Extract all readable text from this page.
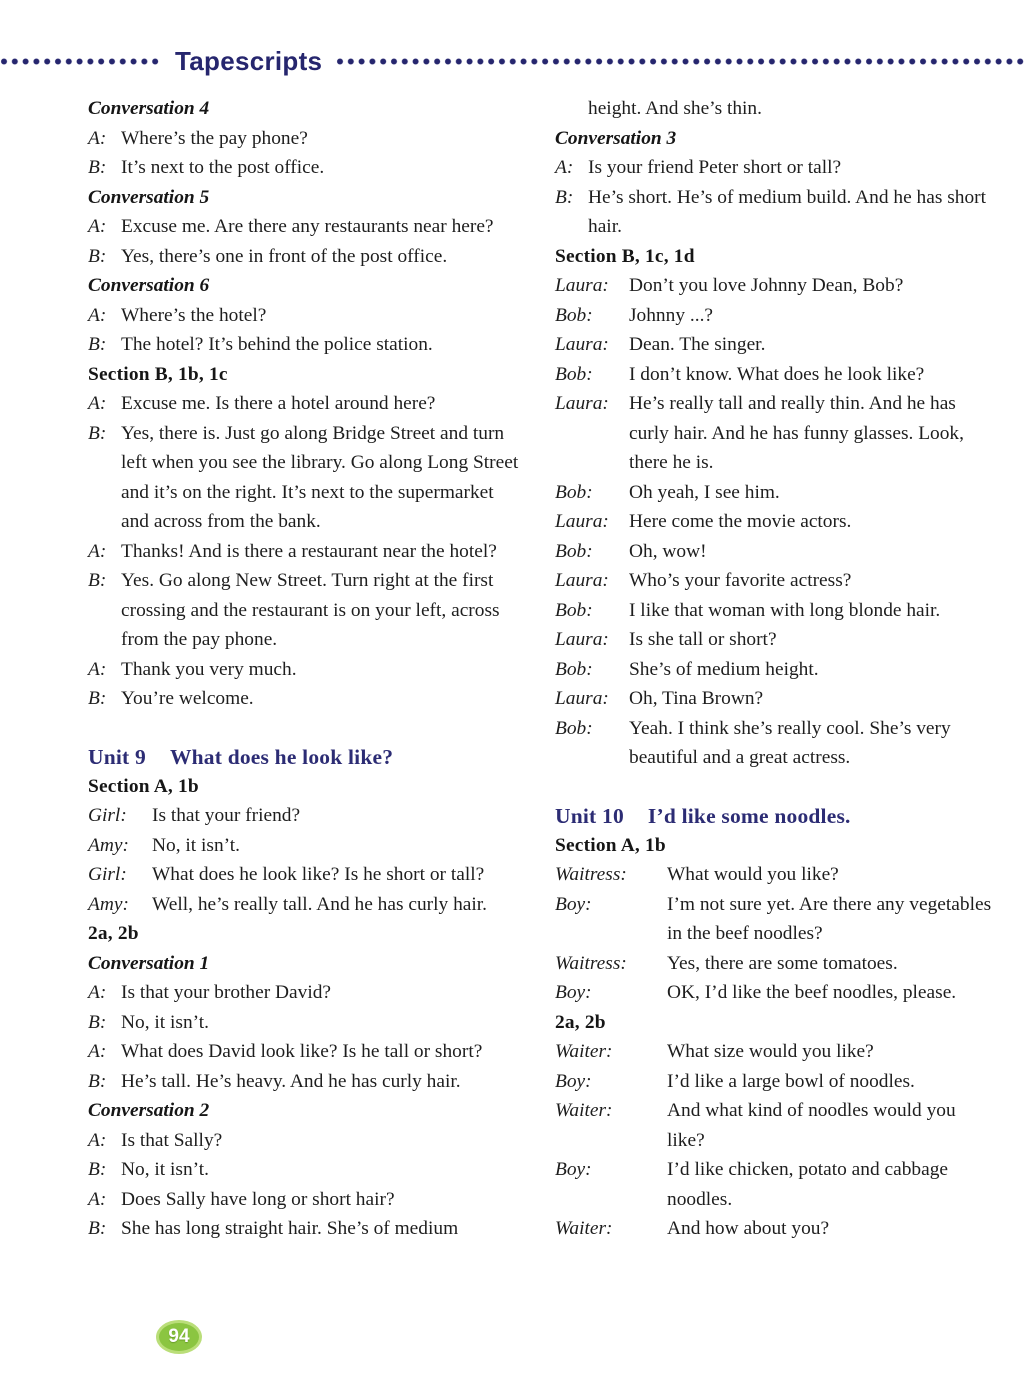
Tapescripts
Conversation 4
A: Where’s the pay phone?
B: It’s next to the post office.
Conversation 5
A: Excuse me. Are there any restaurants near here?
B: Yes, there’s one in front of the post office.
Conversation 6
A: Where’s the hotel?
B: The hotel? It’s behind the police station.
Section B, 1b, 1c
A: Excuse me. Is there a hotel around here?
B: Yes, there is. Just go along Bridge Street and turn left when you see the library. Go along Long Street and it’s on the right. It’s next to the supermarket and across from the bank.
A: Thanks! And is there a restaurant near the hotel?
B: Yes. Go along New Street. Turn right at the first crossing and the restaurant is on your left, across from the pay phone.
A: Thank you very much.
B: You’re welcome.
Unit 9 What does he look like?
Section A, 1b
Girl:	Is that your friend?
Amy:	No, it isn’t.
Girl:	What does he look like? Is he short or tall?
Amy:	Well, he’s really tall. And he has curly hair.
2a, 2b
Conversation 1
A: Is that your brother David?
B: No, it isn’t.
A: What does David look like? Is he tall or short?
B: He’s tall. He’s heavy. And he has curly hair.
Conversation 2
A: Is that Sally?
B: No, it isn’t.
A: Does Sally have long or short hair?
B: She has long straight hair. She’s of medium
height. And she’s thin.
Conversation 3
A: Is your friend Peter short or tall?
B: He’s short. He’s of medium build. And he has short hair.
Section B, 1c, 1d
Laura:	Don’t you love Johnny Dean, Bob?
Bob:	Johnny ...?
Laura:	Dean. The singer.
Bob:	I don’t know. What does he look like?
Laura:	He’s really tall and really thin. And he has curly hair. And he has funny glasses. Look, there he is.
Bob:	Oh yeah, I see him.
Laura:	Here come the movie actors.
Bob:	Oh, wow!
Laura:	Who’s your favorite actress?
Bob:	I like that woman with long blonde hair.
Laura:	Is she tall or short?
Bob:	She’s of medium height.
Laura:	Oh, Tina Brown?
Bob:	Yeah. I think she’s really cool. She’s very beautiful and a great actress.
Unit 10 I’d like some noodles.
Section A, 1b
Waitress:	What would you like?
Boy:	I’m not sure yet. Are there any vegetables in the beef noodles?
Waitress:	Yes, there are some tomatoes.
Boy:	OK, I’d like the beef noodles, please.
2a, 2b
Waiter:	What size would you like?
Boy:	I’d like a large bowl of noodles.
Waiter:	And what kind of noodles would you like?
Boy:	I’d like chicken, potato and cabbage noodles.
Waiter:	And how about you?
94
